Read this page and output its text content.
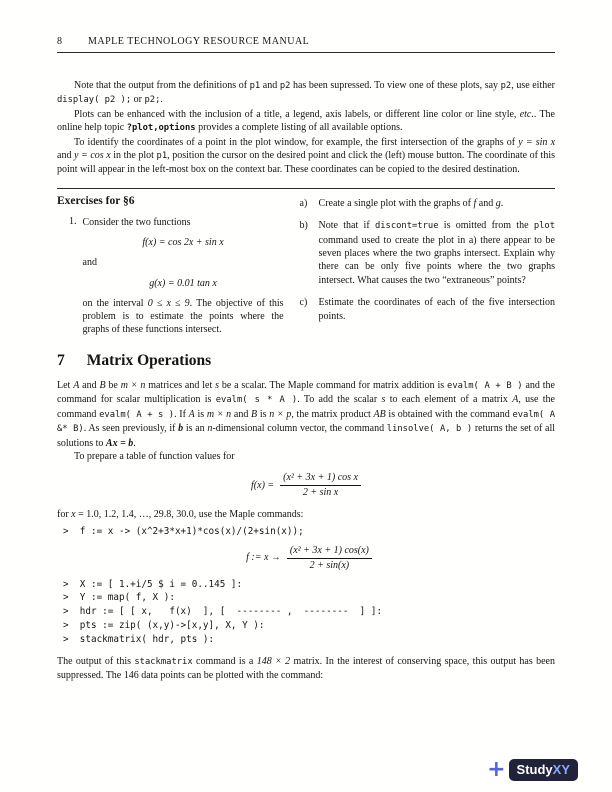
8	MAPLE TECHNOLOGY RESOURCE MANUAL

Note that the output from the definitions of p1 and p2 has been supressed. To view one of these plots, say p2, use either display( p2 ); or p2;.

Plots can be enhanced with the inclusion of a title, a legend, axis labels, or different line color or line style, etc.. The online help topic ?plot,options provides a complete listing of all available options.

To identify the coordinates of a point in the plot window, for example, the first intersection of the graphs of y = sin x and y = cos x in the plot p1, position the cursor on the desired point and click the (left) mouse button. The coordinate of this point will appear in the left-most box on the context bar. These coordinates can be copied to the desired destination.

Exercises for §6
1. Consider the two functions

f(x) = cos 2x + sin x

and

g(x) = 0.01 tan x

on the interval 0 ≤ x ≤ 9. The objective of this problem is to estimate the points where the graphs of these functions intersect.

a)	Create a single plot with the graphs of f and g.
b)	Note that if discont=true is omitted from the plot command used to create the plot in a) there appear to be seven places where the two graphs intersect. Explain why there can be only five points where the two graphs intersect. What causes the two “extraneous” points?
c)	Estimate the coordinates of each of the five intersection points.
7 Matrix Operations

Let A and B be m × n matrices and let s be a scalar. The Maple command for matrix addition is evalm( A + B ) and the command for scalar multiplication is evalm( s * A ). To add the scalar s to each element of a matrix A, use the command evalm( A + s ). If A is m × n and B is n × p, the matrix product AB is obtained with the command evalm( A &* B). As seen previously, if b is an n-dimensional column vector, the command linsolve( A, b ) returns the set of all solutions to Ax = b.

To prepare a table of function values for

$f(x) = \frac{\text{(x² + 3x + 1) cos x}}{\text{2 + sin x}}$

for x = 1.0, 1.2, 1.4, …, 29.8, 30.0, use the Maple commands:

>  f := x -> (x^2+3*x+1)*cos(x)/(2+sin(x));
f := $x \to \frac{\text{(x² + 3x + 1) cos(x)}}{2 + \sin(x)}$
>  X := [ 1.+i/5 $ i = 0..145 ]:
>  Y := map( f, X ):
>  hdr := [ [ x,   f(x)  ], [  -------- ,  --------  ] ]:
>  pts := zip( (x,y)->[x,y], X, Y ):
>  stackmatrix( hdr, pts ):

The output of this stackmatrix command is a 148 × 2 matrix. In the interest of conserving space, this output has been suppressed. The 146 data points can be plotted with the command:

+ StudyXY
